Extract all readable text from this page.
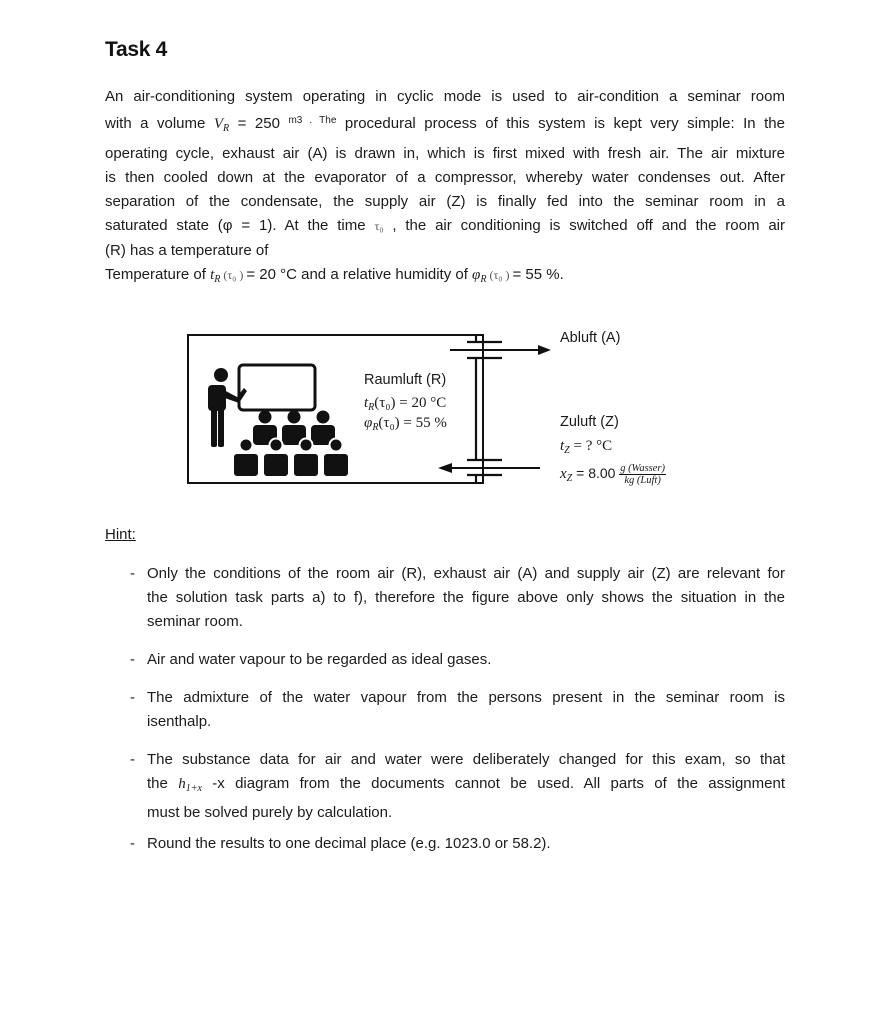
Task 4
An air-conditioning system operating in cyclic mode is used to air-condition a seminar room
with a volume $V_R = 250$ $^{m3 . The}$ procedural process of this system is kept very simple: In the
operating cycle, exhaust air (A) is drawn in, which is first mixed with fresh air. The air mixture
is then cooled down at the evaporator of a compressor, whereby water condenses out. After
separation of the condensate, the supply air (Z) is finally fed into the seminar room in a
saturated state (φ = 1). At the time τ₀ , the air conditioning is switched off and the room air
(R) has a temperature of
Temperature of $t_R$ (τ₀ ) = 20 °C and a relative humidity of $\varphi_R$ (τ₀ ) = 55 %.
Raumluft (R)
$t_R(\tau_0) = 20$ °C
$\varphi_R(\tau_0) = 55$ %
Abluft (A)
Zuluft (Z)
$t_Z$ = ? °C
$x_Z = 8.00 \frac{\text{g (Wasser)}}{\text{kg (Luft)}}$
Hint:
- Only the conditions of the room air (R), exhaust air (A) and supply air (Z) are relevant for
the solution task parts a) to f), therefore the figure above only shows the situation in the
seminar room.
- Air and water vapour to be regarded as ideal gases.
- The admixture of the water vapour from the persons present in the seminar room is
isenthalp.
- The substance data for air and water were deliberately changed for this exam, so that
the $h_{1+x}$ -x diagram from the documents cannot be used. All parts of the assignment
must be solved purely by calculation.
- Round the results to one decimal place (e.g. 1023.0 or 58.2).
